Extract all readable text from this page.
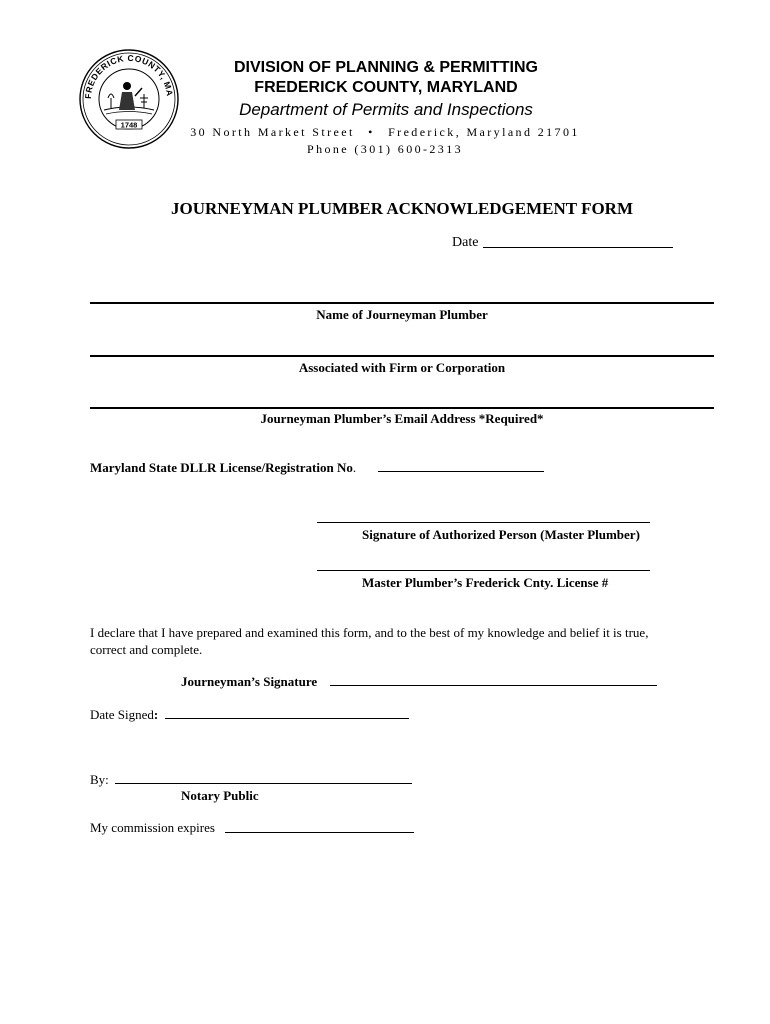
FREDERICK COUNTY, MA
1748
DIVISION OF PLANNING & PERMITTING
FREDERICK COUNTY, MARYLAND
Department of Permits and Inspections
30 North Market Street • Frederick, Maryland 21701
Phone (301) 600-2313
JOURNEYMAN PLUMBER ACKNOWLEDGEMENT FORM
Date
Name of Journeyman Plumber
Associated with Firm or Corporation
Journeyman Plumber’s Email Address *Required*
Maryland State DLLR License/Registration No.
Signature of Authorized Person (Master Plumber)
Master Plumber’s Frederick Cnty. License #
I declare that I have prepared and examined this form, and to the best of my knowledge and belief it is true,
correct and complete.
Journeyman’s Signature
Date Signed:
By:
Notary Public
My commission expires
